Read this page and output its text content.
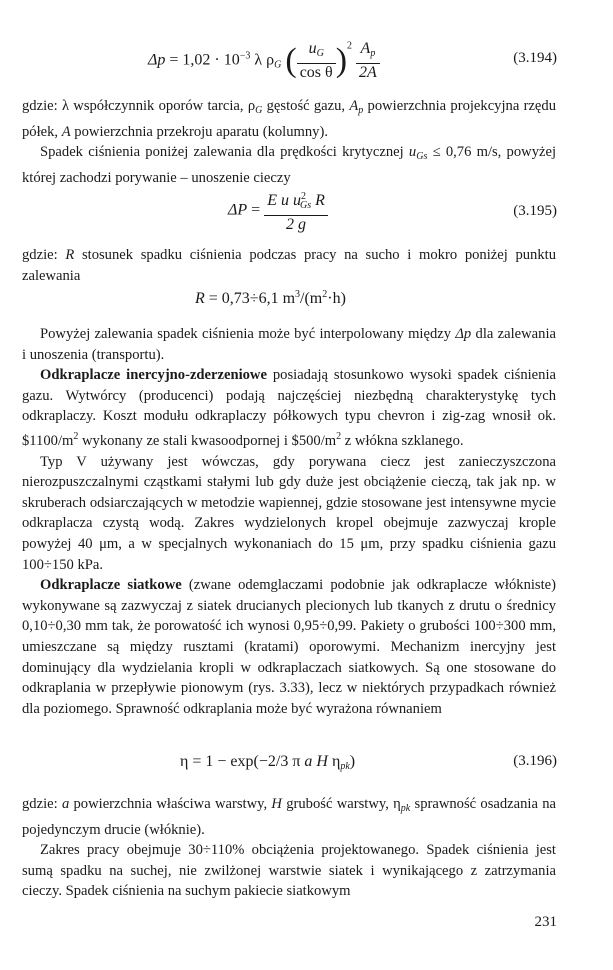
$\Delta p = 1,02 \cdot 10^{-3}$ λ $\rho_G$ ( $\frac{u_G}{\text{cos θ}} )^2 \frac{A_p}{2A}$	(3.194)

gdzie: λ współczynnik oporów tarcia, $\rho_G$ gęstość gazu, $A_p$ powierzchnia projekcyjna rzędu półek, A powierzchnia przekroju aparatu (kolumny).

Spadek ciśnienia poniżej zalewania dla prędkości krytycznej $u_{Gs} \le 0,76$ m/s, powyżej której zachodzi porywanie – unoszenie cieczy

$\Delta P = \frac{E u u^2_{Gs} R}{2 g}$	(3.195)

gdzie: R stosunek spadku ciśnienia podczas pracy na sucho i mokro poniżej punktu zalewania

R = 0,73÷6,1 $m^3/(m^2\cdot h)$

Powyżej zalewania spadek ciśnienia może być interpolowany między Δp dla zalewania i unoszenia (transportu).

Odkraplacze inercyjno-zderzeniowe posiadają stosunkowo wysoki spadek ciśnienia gazu. Wytwórcy (producenci) podają najczęściej niezbędną charakterystykę tych odkraplaczy. Koszt modułu odkraplaczy półkowych typu chevron i zig-zag wnosił ok. $\$1100/m^2$ wykonany ze stali kwasoodpornej i $\$500/m^2$ z włókna szklanego.

Typ V używany jest wówczas, gdy porywana ciecz jest zanieczyszczona nierozpuszczalnymi cząstkami stałymi lub gdy duże jest obciążenie cieczą, tak jak np. w skruberach odsiarczających w metodzie wapiennej, gdzie stosowane jest intensywne mycie odkraplacza czystą wodą. Zakres wydzielonych kropel obejmuje zazwyczaj krople powyżej 40 μm, a w specjalnych wykonaniach do 15 μm, przy spadku ciśnienia gazu 100÷150 kPa.

Odkraplacze siatkowe (zwane odemglaczami podobnie jak odkraplacze włókniste) wykonywane są zazwyczaj z siatek drucianych plecionych lub tkanych z drutu o średnicy 0,10÷0,30 mm tak, że porowatość ich wynosi 0,95÷0,99. Pakiety o grubości 100÷300 mm, umieszczane są między rusztami (kratami) oporowymi. Mechanizm inercyjny jest dominujący dla wydzielania kropli w odkraplaczach siatkowych. Są one stosowane do odkraplania w przepływie pionowym (rys. 3.33), lecz w niektórych przypadkach również dla poziomego. Sprawność odkraplania może być wyrażona równaniem

η = 1 − exp(−2/3 π a H $\eta_{pk}$)	(3.196)

gdzie: a powierzchnia właściwa warstwy, H grubość warstwy, $\eta_{pk}$ sprawność osadzania na pojedynczym drucie (włóknie).

Zakres pracy obejmuje 30÷110% obciążenia projektowanego. Spadek ciśnienia jest sumą spadku na suchej, nie zwilżonej warstwie siatek i wynikającego z zatrzymania cieczy. Spadek ciśnienia na suchym pakiecie siatkowym

231
